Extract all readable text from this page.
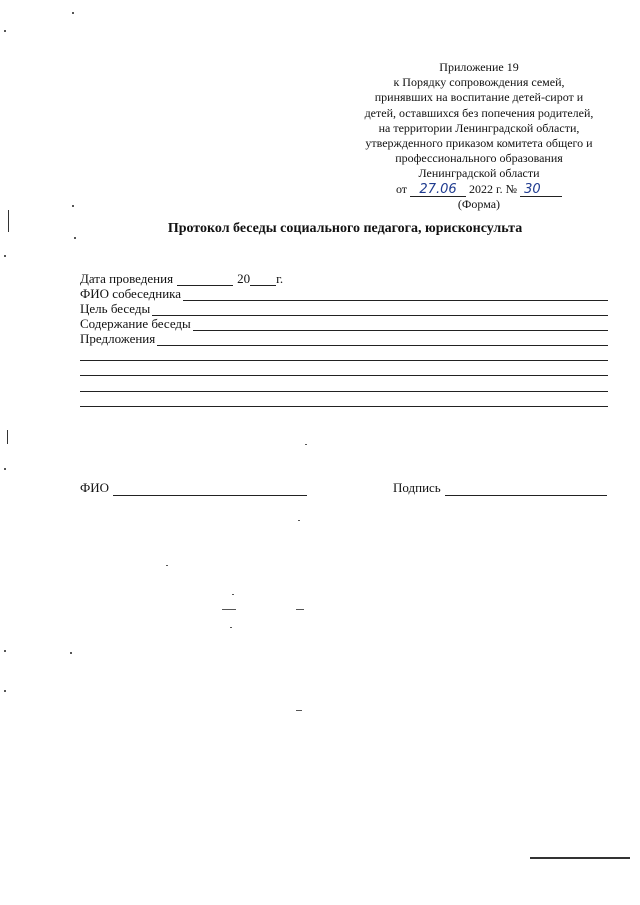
Приложение 19
к Порядку сопровождения семей,
принявших на воспитание детей-сирот и
детей, оставшихся без попечения родителей,
на территории Ленинградской области,
утвержденного приказом комитета общего и
профессионального образования
Ленинградской области
от 27.06 2022 г. № 30
(Форма)
Протокол беседы социального педагога, юрисконсульта
Дата проведения	20 г.
ФИО собеседника
Цель беседы
Содержание беседы
Предложения
ФИО	Подпись
